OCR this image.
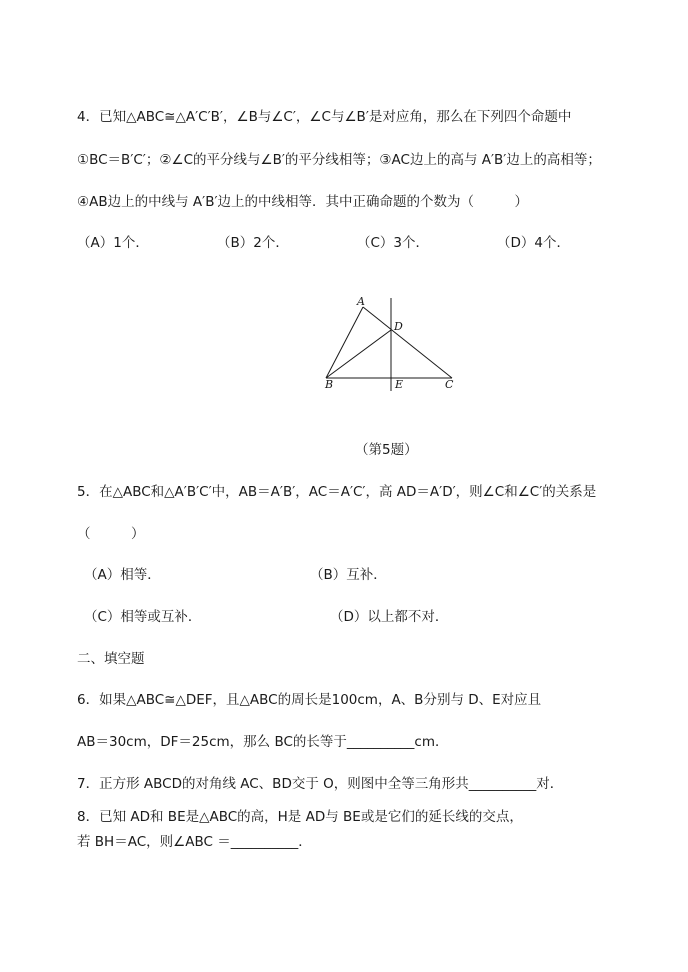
4．已知△ABC≅△A′C′B′，∠B与∠C′，∠C与∠B′是对应角，那么在下列四个命题中
①BC＝B′C′；②∠C的平分线与∠B′的平分线相等；③AC边上的高与 A′B′边上的高相等；
④AB边上的中线与 A′B′边上的中线相等．其中正确命题的个数为（　　　）
（A）1个．	（B）2个．	（C）3个．	（D）4个．
A
D
B	E	C
（第5题）
5．在△ABC和△A′B′C′中，AB＝A′B′，AC＝A′C′，高 AD＝A′D′，则∠C和∠C′的关系是
（　　　）
（A）相等．	（B）互补．
（C）相等或互补．	（D）以上都不对．
二、填空题
6．如果△ABC≅△DEF，且△ABC的周长是100cm，A、B分别与 D、E对应且
AB＝30cm，DF＝25cm，那么 BC的长等于__________cm．
7．正方形 ABCD的对角线 AC、BD交于 O，则图中全等三角形共__________对．
8．已知 AD和 BE是△ABC的高，H是 AD与 BE或是它们的延长线的交点，
若 BH＝AC，则∠ABC ＝__________．
